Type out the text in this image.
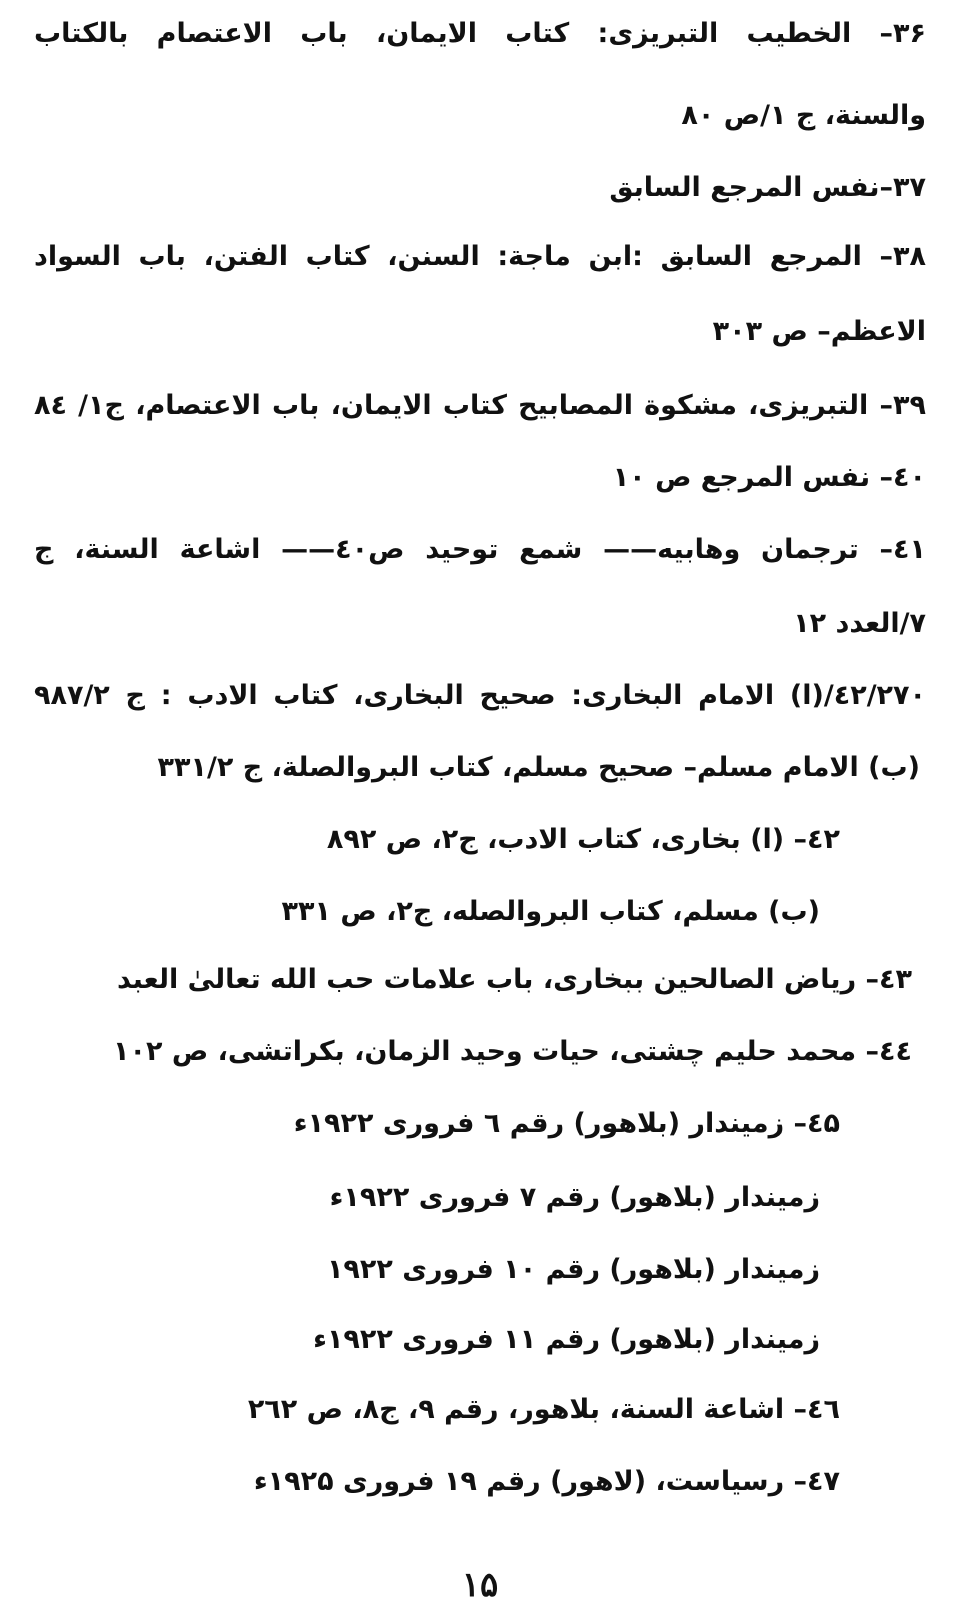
۳۶– الخطیب التبریزی: کتاب الایمان، باب الاعتصام بالکتاب
والسنة، ج ۱/ص ۸۰
۳۷–نفس المرجع السابق
۳۸– المرجع السابق :ابن ماجة: السنن، کتاب الفتن، باب السواد
الاعظم– ص ۳۰۳
۳۹– التبریزی، مشکوة المصابیح کتاب الایمان، باب الاعتصام، ج۱/ ۸٤
٤۰– نفس المرجع ص ۱۰
٤۱– ترجمان وهابیه—— شمع توحید ص٤۰—— اشاعة السنة، ج
۷/العدد ۱۲
٤۲/۲۷۰/(ا) الامام البخاری: صحیح البخاری، کتاب الادب : ج ۹۸۷/۲
(ب) الامام مسلم– صحیح مسلم، کتاب البروالصلة، ج ۳۳۱/۲
٤۲– (ا) بخاری، کتاب الادب، ج۲، ص ۸۹۲
(ب) مسلم، کتاب البروالصله، ج۲، ص ۳۳۱
٤۳– ریاض الصالحین ببخاری، باب علامات حب الله تعالیٰ العبد
٤٤– محمد حلیم چشتی، حیات وحید الزمان، بکراتشی، ص ۱۰۲
٤۵– زمیندار (بلاهور) رقم ٦ فروری ۱۹۲۲ء
زمیندار (بلاهور) رقم ۷ فروری ۱۹۲۲ء
زمیندار (بلاهور) رقم ۱۰ فروری ۱۹۲۲
زمیندار (بلاهور) رقم ۱۱ فروری ۱۹۲۲ء
٤٦– اشاعة السنة، بلاهور، رقم ۹، ج۸، ص ۲٦۲
٤۷– رسیاست، (لاهور) رقم ۱۹ فروری ۱۹۲۵ء
۱۵
